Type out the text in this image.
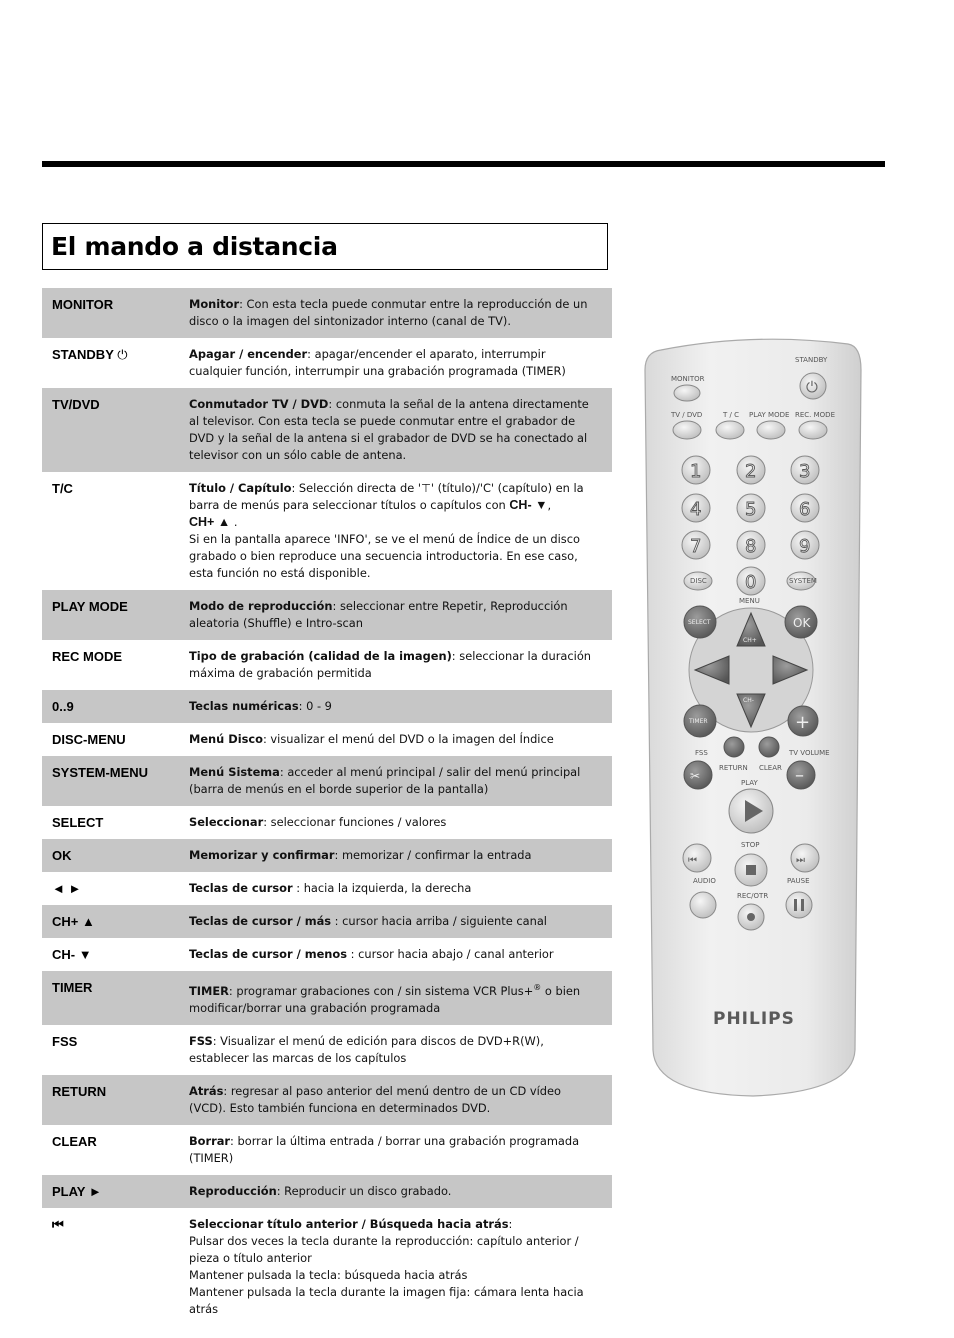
El mando a distancia
MONITOR	Monitor: Con esta tecla puede conmutar entre la reproducción de un disco o la imagen del sintonizador interno (canal de TV).
STANDBY ⏻	Apagar / encender: apagar/encender el aparato, interrumpir cualquier función, interrumpir una grabación programada (TIMER)
TV/DVD	Conmutador TV / DVD: conmuta la señal de la antena directamente al televisor. Con esta tecla se puede conmutar entre el grabador de DVD y la señal de la antena si el grabador de DVD se ha conectado al televisor con un sólo cable de antena.
T/C	Título / Capítulo: Selección directa de '⊤' (título)/'C' (capítulo) en la barra de menús para seleccionar títulos o capítulos con CH- ▼,
CH+ ▲ .
Si en la pantalla aparece 'INFO', se ve el menú de Índice de un disco grabado o bien reproduce una secuencia introductoria. En ese caso, esta función no está disponible.
PLAY MODE	Modo de reproducción: seleccionar entre Repetir, Reproducción aleatoria (Shuffle) e Intro-scan
REC MODE	Tipo de grabación (calidad de la imagen): seleccionar la duración máxima de grabación permitida
0..9	Teclas numéricas: 0 - 9
DISC-MENU	Menú Disco: visualizar el menú del DVD o la imagen del Índice
SYSTEM-MENU	Menú Sistema: acceder al menú principal / salir del menú principal (barra de menús en el borde superior de la pantalla)
SELECT	Seleccionar: seleccionar funciones / valores
OK	Memorizar y confirmar: memorizar / confirmar la entrada
◄ ►	Teclas de cursor : hacia la izquierda, la derecha
CH+ ▲	Teclas de cursor / más : cursor hacia arriba / siguiente canal
CH- ▼	Teclas de cursor / menos : cursor hacia abajo / canal anterior
TIMER	TIMER: programar grabaciones con / sin sistema VCR Plus+® o bien modificar/borrar una grabación programada
FSS	FSS: Visualizar el menú de edición para discos de DVD+R(W), establecer las marcas de los capítulos
RETURN	Atrás: regresar al paso anterior del menú dentro de un CD vídeo (VCD). Esto también funciona en determinados DVD.
CLEAR	Borrar: borrar la última entrada / borrar una grabación programada (TIMER)
PLAY ►	Reproducción: Reproducir un disco grabado.
⏮	Seleccionar título anterior / Búsqueda hacia atrás:
Pulsar dos veces la tecla durante la reproducción: capítulo anterior / pieza o título anterior
Mantener pulsada la tecla: búsqueda hacia atrás
Mantener pulsada la tecla durante la imagen fija: cámara lenta hacia atrás
STANDBY
⏻
MONITOR
TV / DVD	T / C PLAY MODE REC. MODE
1 2 3
4 5 6
7 8 9
0
MENU
DISC	SYSTEM
SELECT	OK
CH+
CH-
TIMER	+
FSS
RETURN CLEAR
TV VOLUME
✂	–
PLAY
STOP
⏮	⏭
AUDIO
REC/OTR
PAUSE
PHILIPS
